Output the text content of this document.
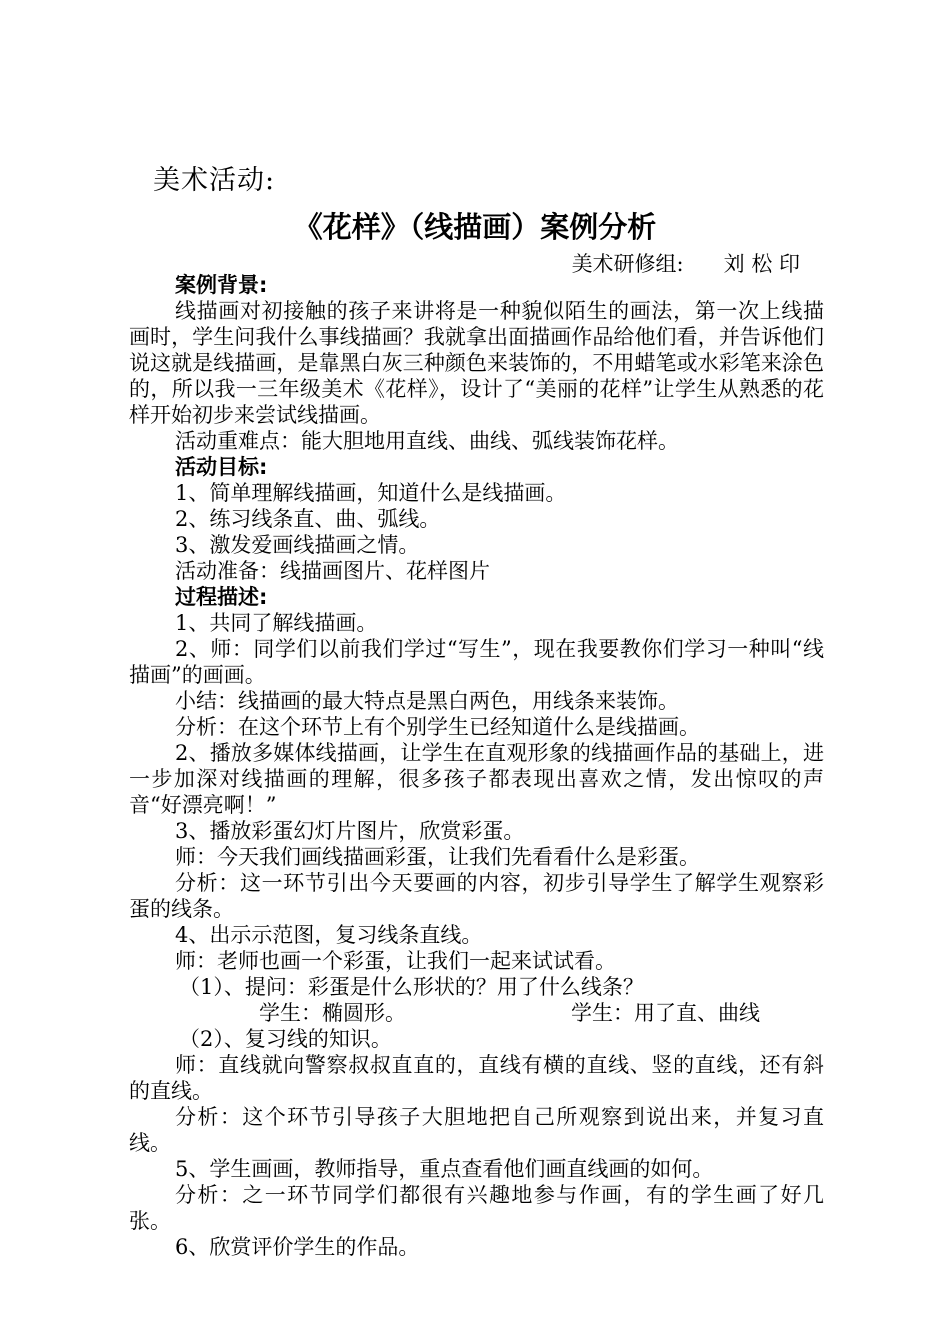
美术活动:
《花样》（线描画）案例分析
美术研修组: 刘 松 印

案例背景:

线描画对初接触的孩子来讲将是一种貌似陌生的画法，第一次上线描画时，学生问我什么事线描画？我就拿出面描画作品给他们看，并告诉他们说这就是线描画，是靠黑白灰三种颜色来装饰的，不用蜡笔或水彩笔来涂色的，所以我一三年级美术《花样》，设计了“美丽的花样”让学生从熟悉的花样开始初步来尝试线描画。

活动重难点：能大胆地用直线、曲线、弧线装饰花样。

活动目标:

1、简单理解线描画，知道什么是线描画。

2、练习线条直、曲、弧线。

3、激发爱画线描画之情。

活动准备：线描画图片、花样图片

过程描述:

1、共同了解线描画。

2、师：同学们以前我们学过“写生”，现在我要教你们学习一种叫“线描画”的画画。

小结：线描画的最大特点是黑白两色，用线条来装饰。

分析：在这个环节上有个别学生已经知道什么是线描画。

2、播放多媒体线描画，让学生在直观形象的线描画作品的基础上，进一步加深对线描画的理解，很多孩子都表现出喜欢之情，发出惊叹的声音“好漂亮啊！”

3、播放彩蛋幻灯片图片，欣赏彩蛋。

师：今天我们画线描画彩蛋，让我们先看看什么是彩蛋。

分析：这一环节引出今天要画的内容，初步引导学生了解学生观察彩蛋的线条。

4、出示示范图，复习线条直线。

师：老师也画一个彩蛋，让我们一起来试试看。

（1）、提问：彩蛋是什么形状的？用了什么线条？

学生：椭圆形。	学生：用了直、曲线

（2）、复习线的知识。

师：直线就向警察叔叔直直的，直线有横的直线、竖的直线，还有斜的直线。

分析：这个环节引导孩子大胆地把自己所观察到说出来，并复习直线。

5、学生画画，教师指导，重点查看他们画直线画的如何。

分析：之一环节同学们都很有兴趣地参与作画，有的学生画了好几张。

6、欣赏评价学生的作品。
